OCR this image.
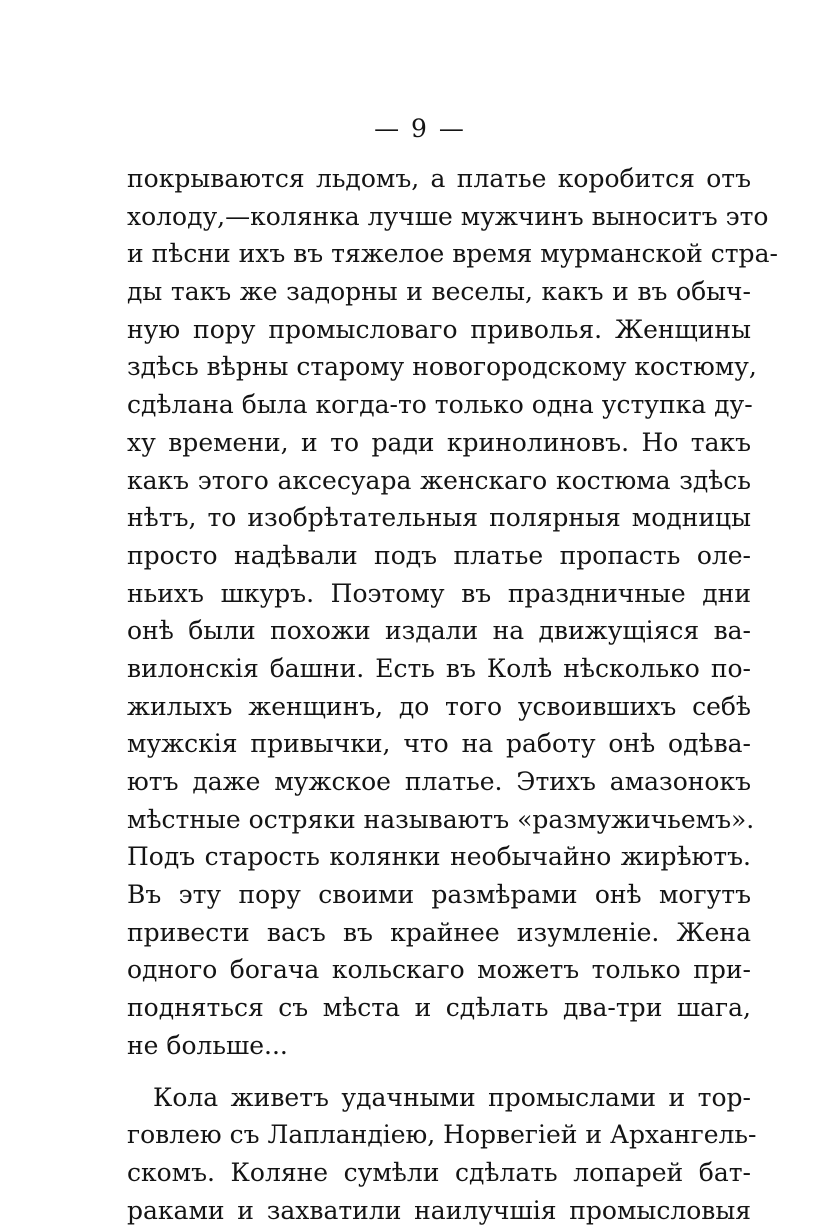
— 9 —
покрываются льдомъ, а платье коробится отъ
холоду,—колянка лучше мужчинъ выноситъ это
и пѣсни ихъ въ тяжелое время мурманской стра-
ды такъ же задорны и веселы, какъ и въ обыч-
ную пору промысловаго приволья. Женщины
здѣсь вѣрны старому новогородскому костюму,
сдѣлана была когда-то только одна уступка ду-
ху времени, и то ради кринолиновъ. Но такъ
какъ этого аксесуара женскаго костюма здѣсь
нѣтъ, то изобрѣтательныя полярныя модницы
просто надѣвали подъ платье пропасть оле-
ньихъ шкуръ. Поэтому въ праздничные дни
онѣ были похожи издали на движущіяся ва-
вилонскія башни. Есть въ Колѣ нѣсколько по-
жилыхъ женщинъ, до того усвоившихъ себѣ
мужскія привычки, что на работу онѣ одѣва-
ютъ даже мужское платье. Этихъ амазонокъ
мѣстные остряки называютъ «размужичьемъ».
Подъ старость колянки необычайно жирѣютъ.
Въ эту пору своими размѣрами онѣ могутъ
привести васъ въ крайнее изумленіе. Жена
одного богача кольскаго можетъ только при-
подняться съ мѣста и сдѣлать два-три шага,
не больше...
Кола живетъ удачными промыслами и тор-
говлею съ Лапландіею, Норвегіей и Архангель-
скомъ. Коляне сумѣли сдѣлать лопарей бат-
раками и захватили наилучшія промысловыя
